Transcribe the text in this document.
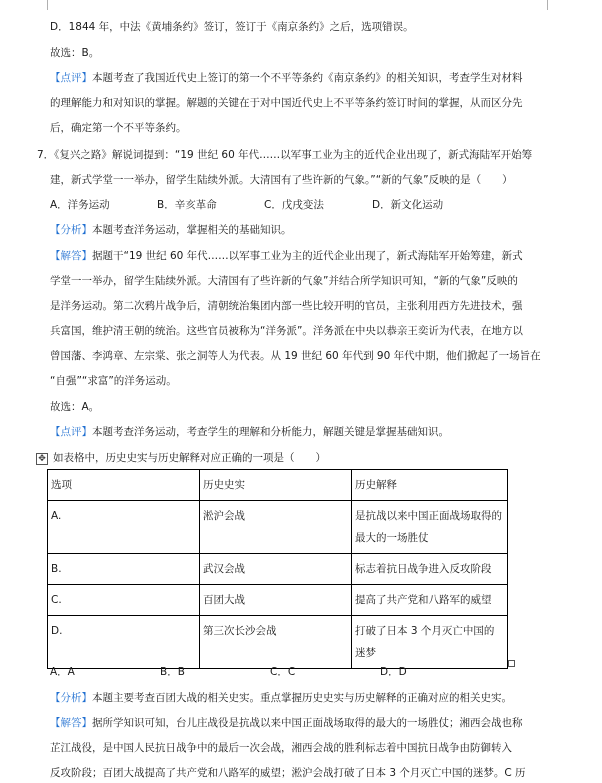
D．1844 年，中法《黄埔条约》签订，签订于《南京条约》之后，选项错误。
故选：B。
【点评】本题考查了我国近代史上签订的第一个不平等条约《南京条约》的相关知识，考查学生对材料
的理解能力和对知识的掌握。解题的关键在于对中国近代史上不平等条约签订时间的掌握，从而区分先
后，确定第一个不平等条约。
7．《复兴之路》解说词提到：“19 世纪 60 年代……以军事工业为主的近代企业出现了，新式海陆军开始筹
建，新式学堂一一举办，留学生陆续外派。大清国有了些许新的气象。”“新的气象”反映的是（　　）
A．洋务运动	B．辛亥革命	C．戊戌变法	D．新文化运动
【分析】本题考查洋务运动，掌握相关的基础知识。
【解答】据题干“19 世纪 60 年代……以军事工业为主的近代企业出现了，新式海陆军开始筹建，新式
学堂一一举办，留学生陆续外派。大清国有了些许新的气象”并结合所学知识可知，“新的气象”反映的
是洋务运动。第二次鸦片战争后，清朝统治集团内部一些比较开明的官员，主张利用西方先进技术，强
兵富国，维护清王朝的统治。这些官员被称为“洋务派”。洋务派在中央以恭亲王奕䜣为代表，在地方以
曾国藩、李鸿章、左宗棠、张之洞等人为代表。从 19 世纪 60 年代到 90 年代中期，他们掀起了一场旨在
“自强”“求富”的洋务运动。
故选：A。
【点评】本题考查洋务运动，考查学生的理解和分析能力，解题关键是掌握基础知识。
✥ 如表格中，历史史实与历史解释对应正确的一项是（　　）
选项	历史史实	历史解释
A.	淞沪会战	是抗战以来中国正面战场取得的最大的一场胜仗
B.	武汉会战	标志着抗日战争进入反攻阶段
C.	百团大战	提高了共产党和八路军的威望
D.	第三次长沙会战	打破了日本 3 个月灭亡中国的迷梦
A．A	B．B	C．C	D．D
【分析】本题主要考查百团大战的相关史实。重点掌握历史史实与历史解释的正确对应的相关史实。
【解答】据所学知识可知，台儿庄战役是抗战以来中国正面战场取得的最大的一场胜仗；湘西会战也称
芷江战役，是中国人民抗日战争中的最后一次会战，湘西会战的胜利标志着中国抗日战争由防御转入
反攻阶段；百团大战提高了共产党和八路军的威望；淞沪会战打破了日本 3 个月灭亡中国的迷梦。C 历
